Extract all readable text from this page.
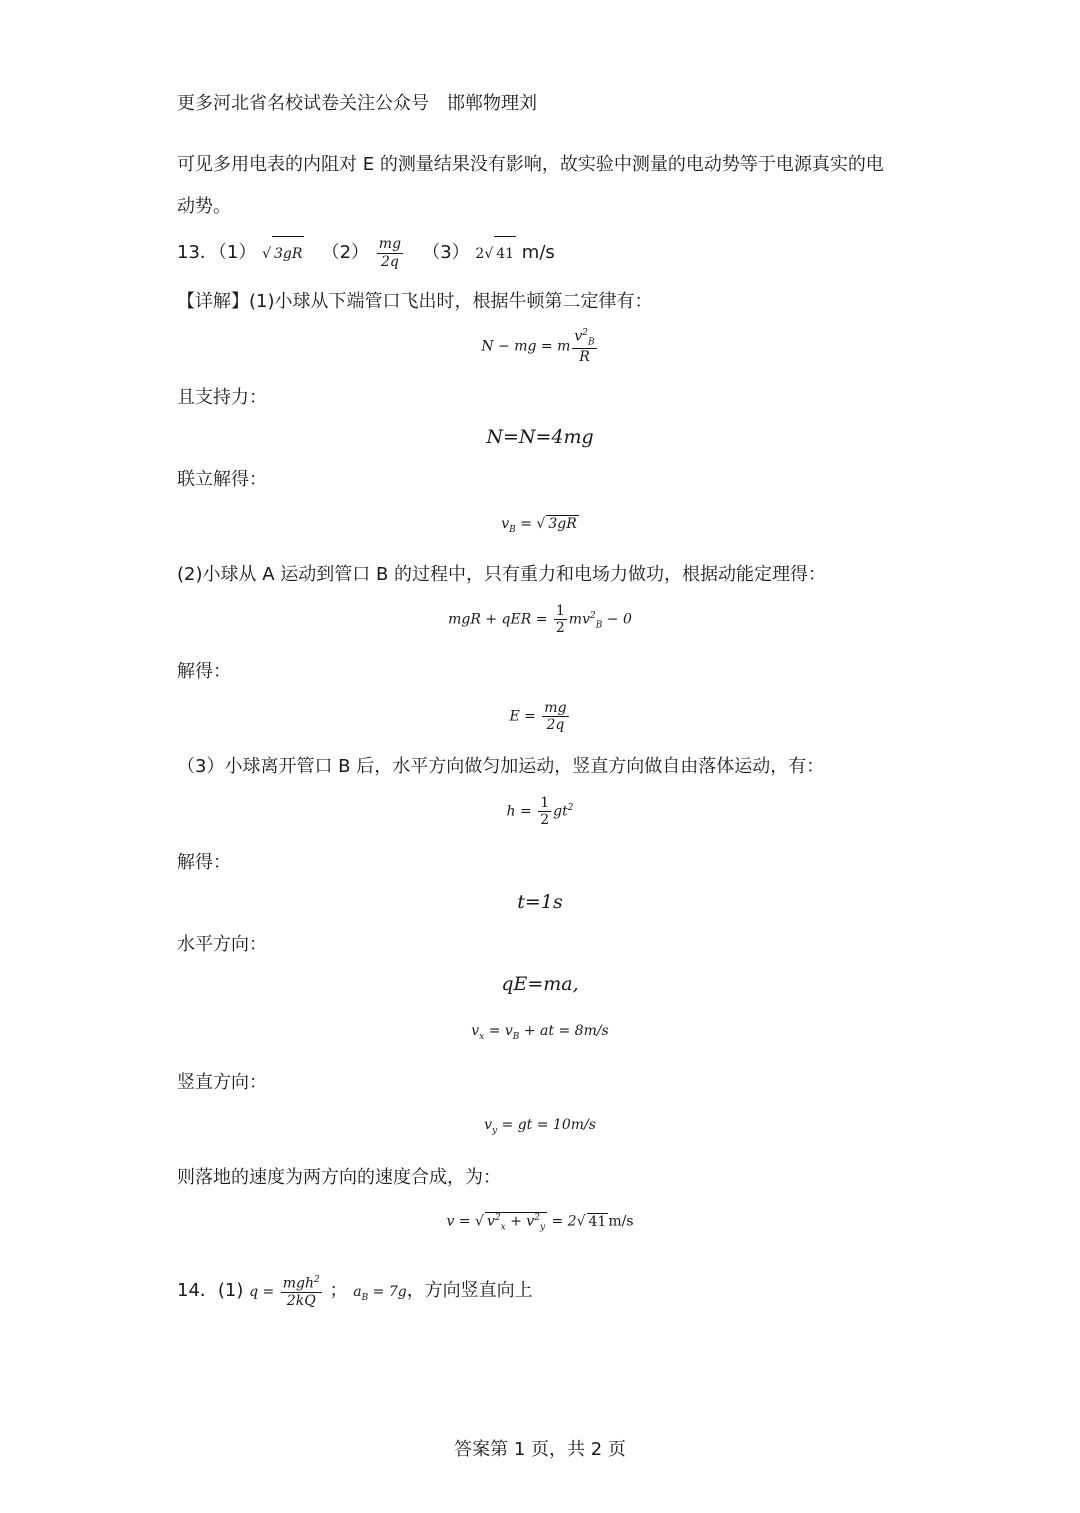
更多河北省名校试卷关注公众号　邯郸物理刘
可见多用电表的内阻对 E 的测量结果没有影响，故实验中测量的电动势等于电源真实的电
动势。
13．（1） √ 3gR $(2) \frac{mg}{2q} (3)$ 2√ 41 m/s
【详解】(1)小球从下端管口飞出时，根据牛顿第二定律有：
N − mg = m $\frac{v^2_B}{R}$
且支持力：
N=N=4mg
联立解得：
$v_B$ = √ 3gR
(2)小球从 A 运动到管口 B 的过程中，只有重力和电场力做功，根据动能定理得：
mgR + qER = $\frac{1}{2} mv^2_B - 0$
解得：
$E = \frac{mg}{2q}$
（3）小球离开管口 B 后，水平方向做匀加运动，竖直方向做自由落体运动，有：
$h = \frac{1}{2} gt^2$
解得：
t=1s
水平方向：
qE=ma,
$v_x = v_B$ + at = 8m/s
竖直方向：
$v_y$ = gt = 10m/s
则落地的速度为两方向的速度合成，为：
v = √ $v^2_x + v^2_y = 2√$ 41 m/s
14．(1) $q = \frac{mgh^2}{2kQ}$ ； $a_B = 7g$，方向竖直向上
答案第 1 页，共 2 页
